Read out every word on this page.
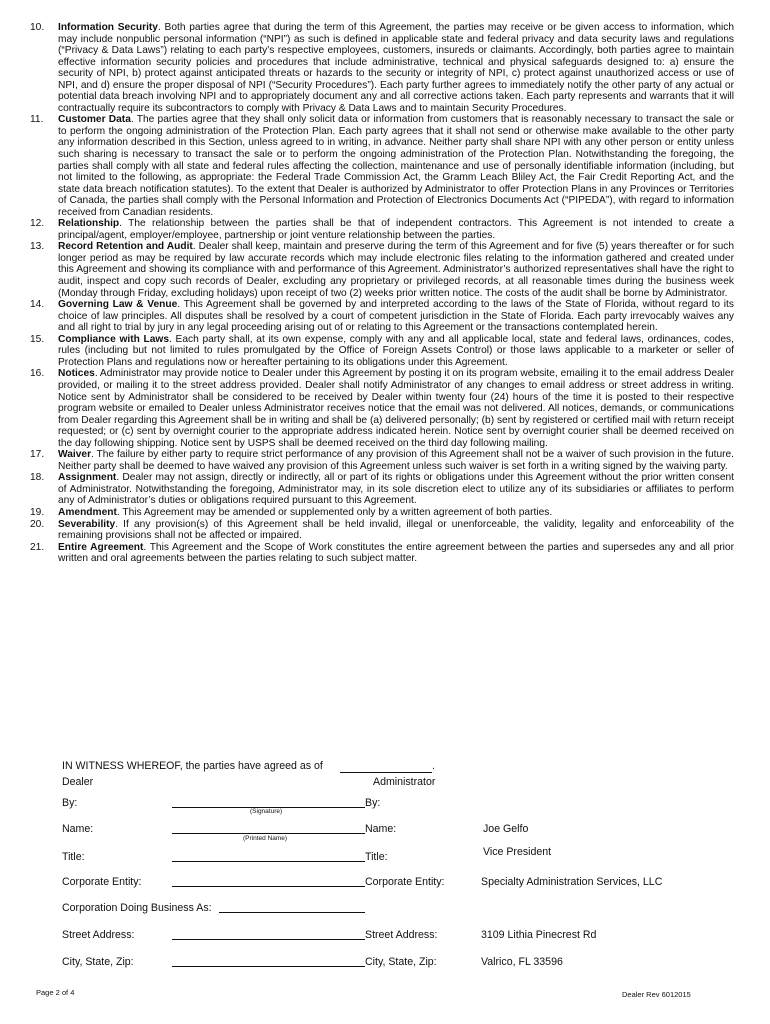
10.	Information Security. Both parties agree that during the term of this Agreement, the parties may receive or be given access to information, which may include nonpublic personal information (“NPI”) as such is defined in applicable state and federal privacy and data security laws and regulations (“Privacy & Data Laws”) relating to each party’s respective employees, customers, insureds or claimants. Accordingly, both parties agree to maintain effective information security policies and procedures that include administrative, technical and physical safeguards designed to: a) ensure the security of NPI, b) protect against anticipated threats or hazards to the security or integrity of NPI, c) protect against unauthorized access or use of NPI, and d) ensure the proper disposal of NPI (“Security Procedures”). Each party further agrees to immediately notify the other party of any actual or potential data breach involving NPI and to appropriately document any and all corrective actions taken. Each party represents and warrants that it will contractually require its subcontractors to comply with Privacy & Data Laws and to maintain Security Procedures.
11.	Customer Data. The parties agree that they shall only solicit data or information from customers that is reasonably necessary to transact the sale or to perform the ongoing administration of the Protection Plan. Each party agrees that it shall not send or otherwise make available to the other party any information described in this Section, unless agreed to in writing, in advance. Neither party shall share NPI with any other person or entity unless such sharing is necessary to transact the sale or to perform the ongoing administration of the Protection Plan. Notwithstanding the foregoing, the parties shall comply with all state and federal rules affecting the collection, maintenance and use of personally identifiable information (including, but not limited to the following, as appropriate: the Federal Trade Commission Act, the Gramm Leach Bliley Act, the Fair Credit Reporting Act, and the state data breach notification statutes). To the extent that Dealer is authorized by Administrator to offer Protection Plans in any Provinces or Territories of Canada, the parties shall comply with the Personal Information and Protection of Electronics Documents Act (“PIPEDA”), with regard to information received from Canadian residents.
12.	Relationship. The relationship between the parties shall be that of independent contractors. This Agreement is not intended to create a principal/agent, employer/employee, partnership or joint venture relationship between the parties.
13.	Record Retention and Audit. Dealer shall keep, maintain and preserve during the term of this Agreement and for five (5) years thereafter or for such longer period as may be required by law accurate records which may include electronic files relating to the information gathered and created under this Agreement and showing its compliance with and performance of this Agreement. Administrator’s authorized representatives shall have the right to audit, inspect and copy such records of Dealer, excluding any proprietary or privileged records, at all reasonable times during the business week (Monday through Friday, excluding holidays) upon receipt of two (2) weeks prior written notice. The costs of the audit shall be borne by Administrator.
14.	Governing Law & Venue. This Agreement shall be governed by and interpreted according to the laws of the State of Florida, without regard to its choice of law principles. All disputes shall be resolved by a court of competent jurisdiction in the State of Florida. Each party irrevocably waives any and all right to trial by jury in any legal proceeding arising out of or relating to this Agreement or the transactions contemplated herein.
15.	Compliance with Laws. Each party shall, at its own expense, comply with any and all applicable local, state and federal laws, ordinances, codes, rules (including but not limited to rules promulgated by the Office of Foreign Assets Control) or those laws applicable to a marketer or seller of Protection Plans and regulations now or hereafter pertaining to its obligations under this Agreement.
16.	Notices. Administrator may provide notice to Dealer under this Agreement by posting it on its program website, emailing it to the email address Dealer provided, or mailing it to the street address provided. Dealer shall notify Administrator of any changes to email address or street address in writing. Notice sent by Administrator shall be considered to be received by Dealer within twenty four (24) hours of the time it is posted to their respective program website or emailed to Dealer unless Administrator receives notice that the email was not delivered. All notices, demands, or communications from Dealer regarding this Agreement shall be in writing and shall be (a) delivered personally; (b) sent by registered or certified mail with return receipt requested; or (c) sent by overnight courier to the appropriate address indicated herein. Notice sent by overnight courier shall be deemed received on the day following shipping. Notice sent by USPS shall be deemed received on the third day following mailing.
17.	Waiver. The failure by either party to require strict performance of any provision of this Agreement shall not be a waiver of such provision in the future. Neither party shall be deemed to have waived any provision of this Agreement unless such waiver is set forth in a writing signed by the waiving party.
18.	Assignment. Dealer may not assign, directly or indirectly, all or part of its rights or obligations under this Agreement without the prior written consent of Administrator. Notwithstanding the foregoing, Administrator may, in its sole discretion elect to utilize any of its subsidiaries or affiliates to perform any of Administrator’s duties or obligations required pursuant to this Agreement.
19.	Amendment. This Agreement may be amended or supplemented only by a written agreement of both parties.
20.	Severability. If any provision(s) of this Agreement shall be held invalid, illegal or unenforceable, the validity, legality and enforceability of the remaining provisions shall not be affected or impaired.
21.	Entire Agreement. This Agreement and the Scope of Work constitutes the entire agreement between the parties and supersedes any and all prior written and oral agreements between the parties relating to such subject matter.
IN WITNESS WHEREOF, the parties have agreed as of	.
Dealer	Administrator
By:	By:
(Signature)
Name:	Name:	Joe Gelfo
(Printed Name)
Title:	Title:	Vice President
Corporate Entity:	Corporate Entity:	Specialty Administration Services, LLC
Corporation Doing Business As:
Street Address:	Street Address:	3109 Lithia Pinecrest Rd
City, State, Zip:	City, State, Zip:	Valrico, FL 33596
Page 2 of 4	Dealer Rev 6012015
